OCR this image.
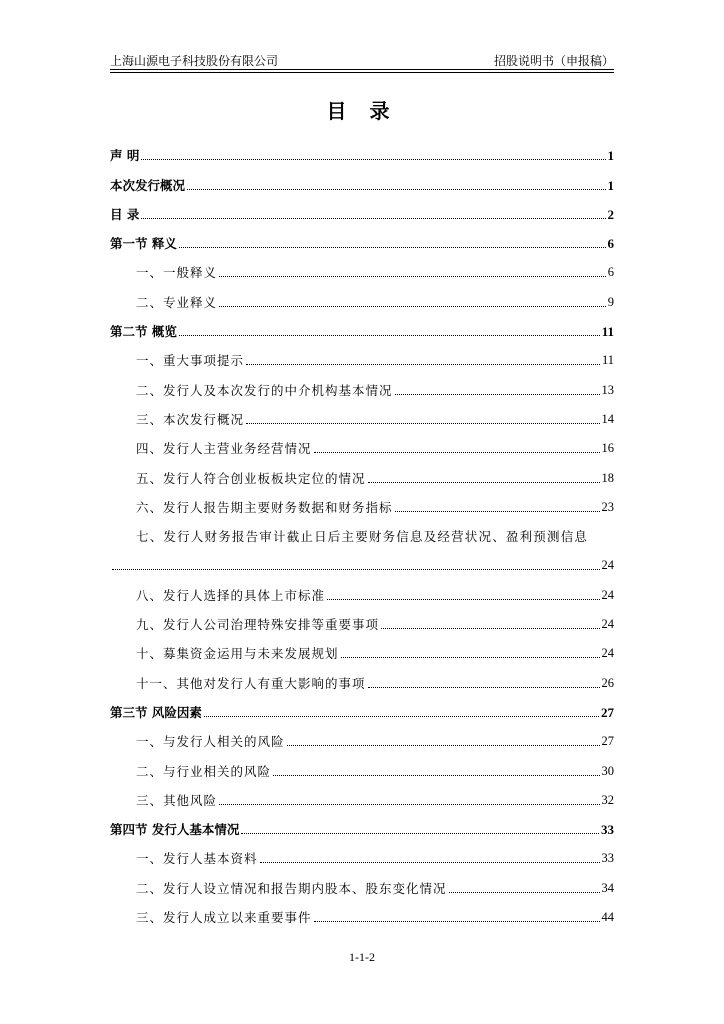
上海山源电子科技股份有限公司	招股说明书（申报稿）
目 录
声 明	1
本次发行概况	1
目 录	2
第一节 释义	6
一、一般释义	6
二、专业释义	9
第二节 概览	11
一、重大事项提示	11
二、发行人及本次发行的中介机构基本情况	13
三、本次发行概况	14
四、发行人主营业务经营情况	16
五、发行人符合创业板板块定位的情况	18
六、发行人报告期主要财务数据和财务指标	23
七、发行人财务报告审计截止日后主要财务信息及经营状况、盈利预测信息
24
八、发行人选择的具体上市标准	24
九、发行人公司治理特殊安排等重要事项	24
十、募集资金运用与未来发展规划	24
十一、其他对发行人有重大影响的事项	26
第三节 风险因素	27
一、与发行人相关的风险	27
二、与行业相关的风险	30
三、其他风险	32
第四节 发行人基本情况	33
一、发行人基本资料	33
二、发行人设立情况和报告期内股本、股东变化情况	34
三、发行人成立以来重要事件	44
1-1-2
